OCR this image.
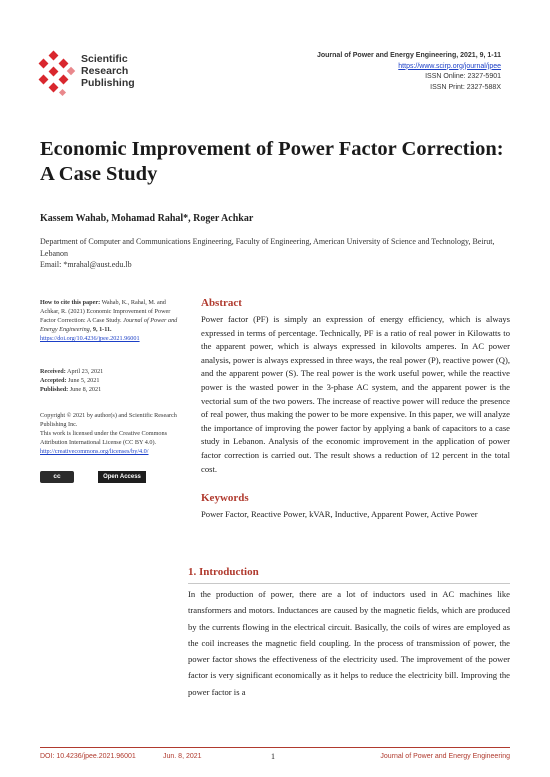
Scientific
Research
Publishing
Journal of Power and Energy Engineering, 2021, 9, 1-11
https://www.scirp.org/journal/jpee
ISSN Online: 2327-5901
ISSN Print: 2327-588X
Economic Improvement of Power Factor Correction: A Case Study
Kassem Wahab, Mohamad Rahal*, Roger Achkar
Department of Computer and Communications Engineering, Faculty of Engineering, American University of Science and Technology, Beirut, Lebanon
Email: *mrahal@aust.edu.lb
How to cite this paper: Wahab, K., Rahal, M. and Achkar, R. (2021) Economic Improvement of Power Factor Correction: A Case Study. Journal of Power and Energy Engineering, 9, 1-11.
https://doi.org/10.4236/jpee.2021.96001
Received: April 23, 2021
Accepted: June 5, 2021
Published: June 8, 2021
Copyright © 2021 by author(s) and Scientific Research Publishing Inc.
This work is licensed under the Creative Commons Attribution International License (CC BY 4.0).
http://creativecommons.org/licenses/by/4.0/
cc	Open Access
Abstract
Power factor (PF) is simply an expression of energy efficiency, which is always expressed in terms of percentage. Technically, PF is a ratio of real power in Kilowatts to the apparent power, which is always expressed in kilovolts amperes. In AC power analysis, power is always expressed in three ways, the real power (P), reactive power (Q), and the apparent power (S). The real power is the work useful power, while the reactive power is the wasted power in the 3-phase AC system, and the apparent power is the vectorial sum of the two powers. The increase of reactive power will reduce the presence of real power, thus making the power to be more expensive. In this paper, we will analyze the importance of improving the power factor by applying a bank of capacitors to a case study in Lebanon. Analysis of the economic improvement in the application of power factor correction is carried out. The result shows a reduction of 12 percent in the total cost.
Keywords
Power Factor, Reactive Power, kVAR, Inductive, Apparent Power, Active Power
1. Introduction
In the production of power, there are a lot of inductors used in AC machines like transformers and motors. Inductances are caused by the magnetic fields, which are produced by the currents flowing in the electrical circuit. Basically, the coils of wires are employed as the coil increases the magnetic field coupling. In the process of transmission of power, the power factor shows the effectiveness of the electricity used. The improvement of the power factor is very significant economically as it helps to reduce the electricity bill. Improving the power factor is a
DOI: 10.4236/jpee.2021.96001	Jun. 8, 2021	1	Journal of Power and Energy Engineering
